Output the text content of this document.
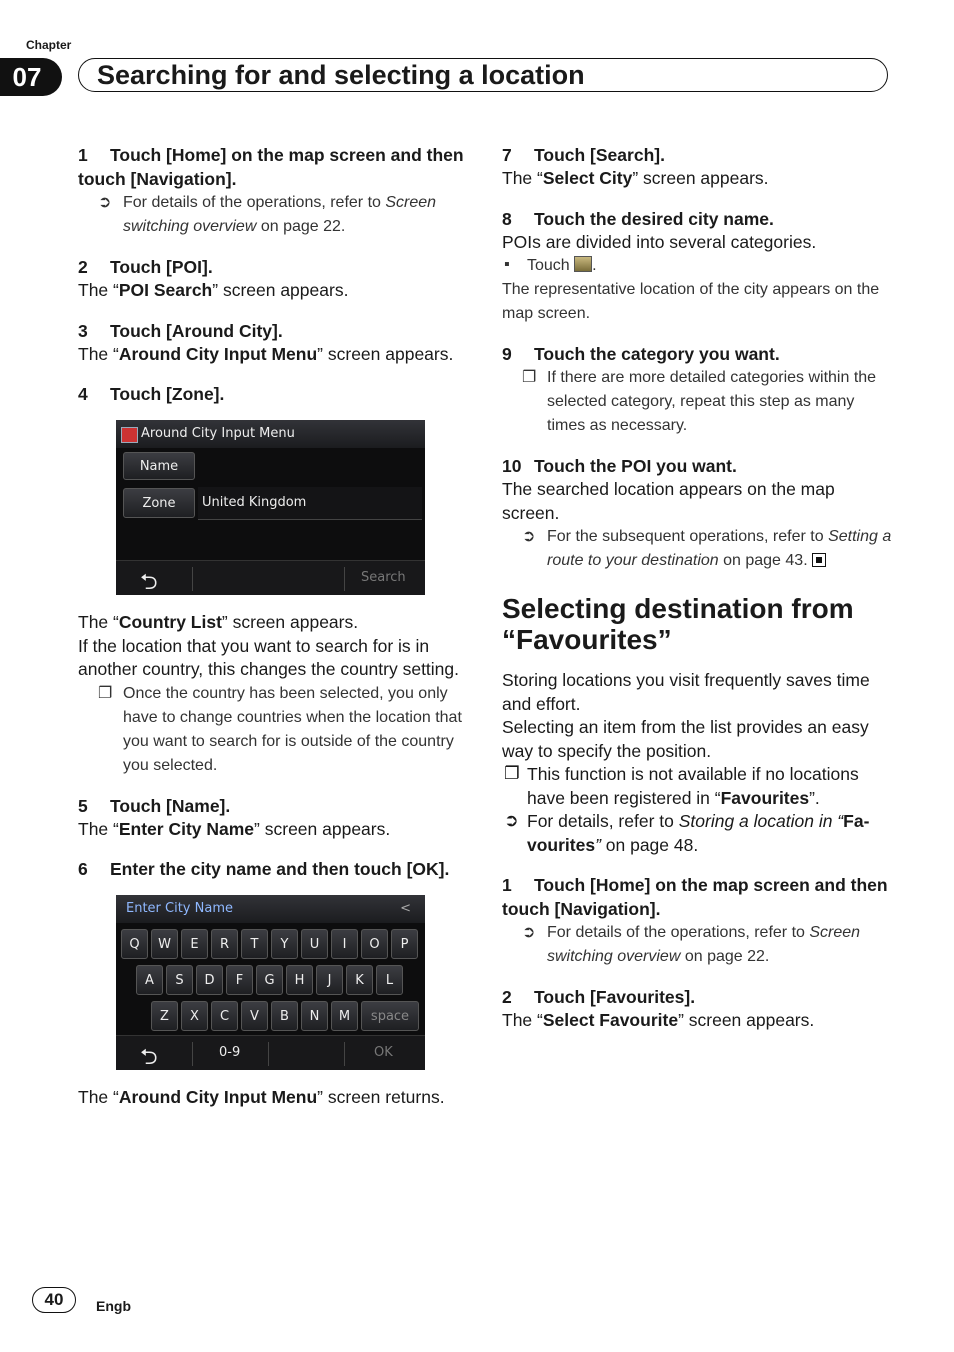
Chapter
07	Searching for and selecting a location
1 Touch [Home] on the map screen and then touch [Navigation].
➲ For details of the operations, refer to Screen switching overview on page 22.
2 Touch [POI].

The “POI Search” screen appears.

3 Touch [Around City].

The “Around City Input Menu” screen appears.

4 Touch [Zone].
Around City Input Menu
Name
Zone	United Kingdom
⮌	Search

The “Country List” screen appears.

If the location that you want to search for is in another country, this changes the country setting.

❐ Once the country has been selected, you only have to change countries when the location that you want to search for is outside of the country you selected.
5 Touch [Name].

The “Enter City Name” screen appears.

6 Enter the city name and then touch [OK].
Enter City Name	<
Q	W	E	R	T	Y	U	I	O	P
A	S	D	F	G	H	J	K	L
Z	X	C	V	B	N	M	space
⮌	0-9	OK

The “Around City Input Menu” screen returns.

7 Touch [Search].

The “Select City” screen appears.

8 Touch the desired city name.

POIs are divided into several categories.

▪ Touch .

The representative location of the city appears on the map screen.

9 Touch the category you want.
❐ If there are more detailed categories within the selected category, repeat this step as many times as necessary.
10 Touch the POI you want.

The searched location appears on the map screen.

➲ For the subsequent operations, refer to Setting a route to your destination on page 43.
Selecting destination from “Favourites”

Storing locations you visit frequently saves time and effort.

Selecting an item from the list provides an easy way to specify the position.

❐ This function is not available if no locations have been registered in “Favourites”.

➲ For details, refer to Storing a location in “Favourites” on page 48.

1 Touch [Home] on the map screen and then touch [Navigation].
➲ For details of the operations, refer to Screen switching overview on page 22.
2 Touch [Favourites].

The “Select Favourite” screen appears.

40	Engb
